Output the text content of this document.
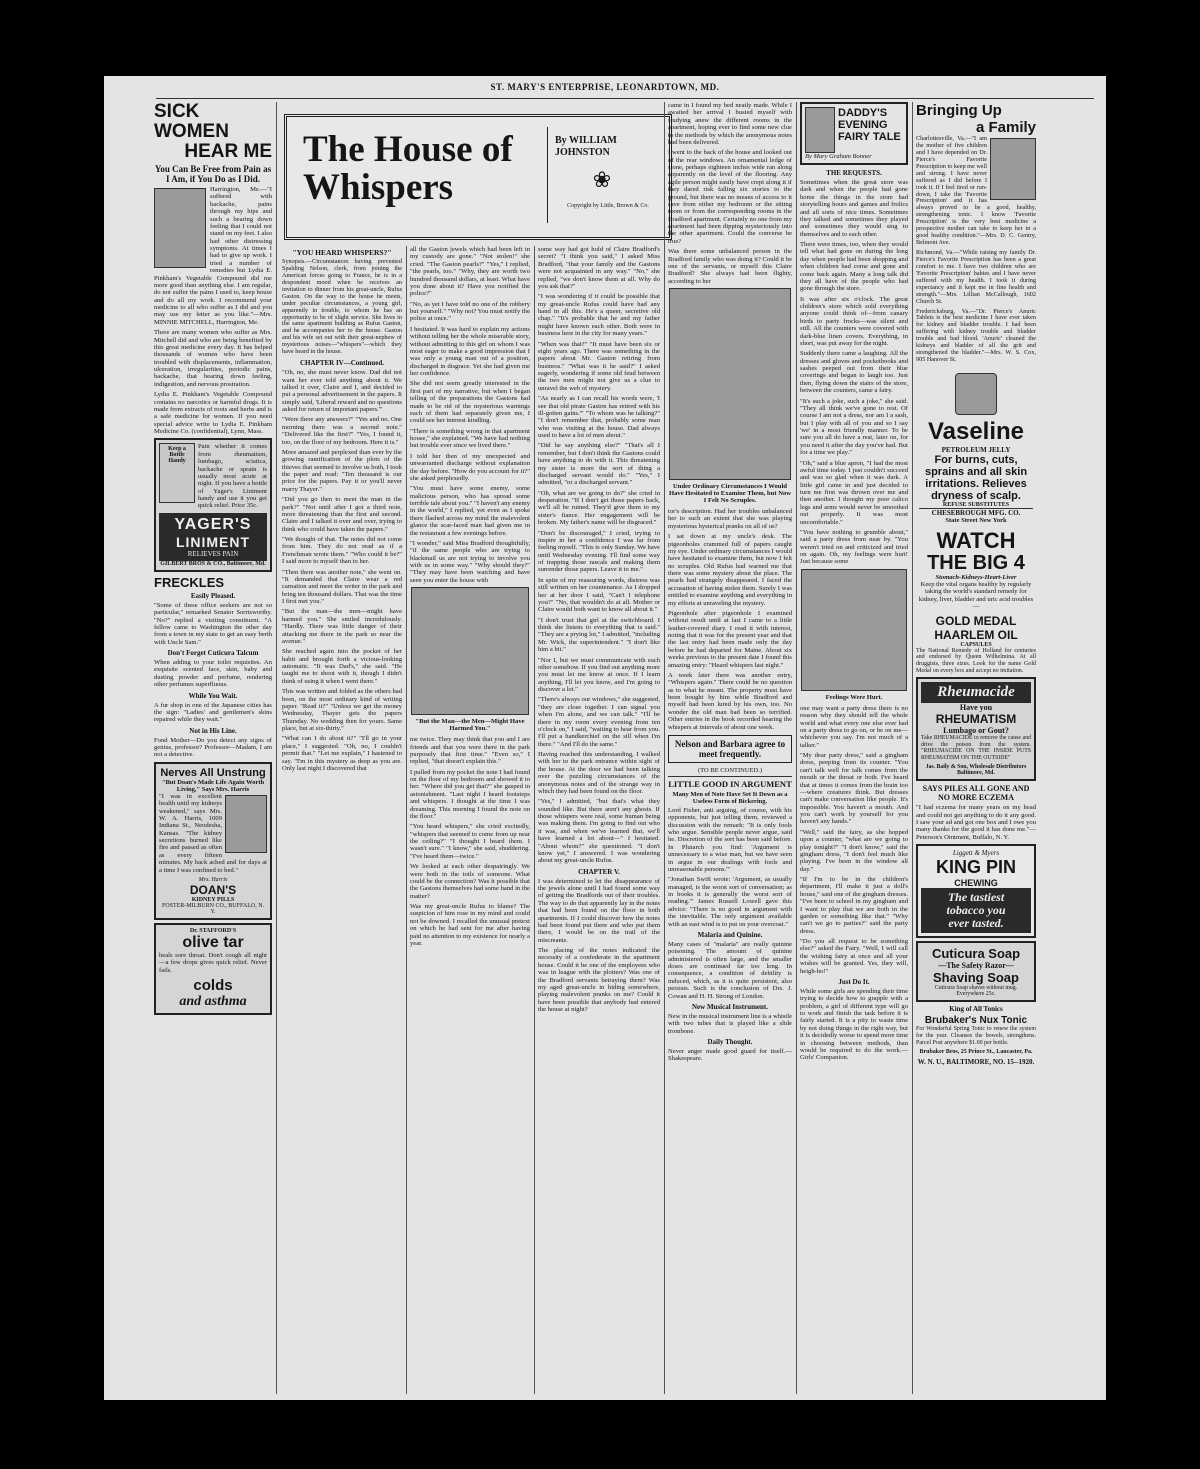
ST. MARY'S ENTERPRISE, LEONARDTOWN, MD.
SICK WOMEN
HEAR ME
You Can Be Free from Pain as I Am, if You Do as I Did.

Harrington, Me.—"I suffered with backache, pains through my hips and such a bearing down feeling that I could not stand on my feet. I also had other distressing symptoms. At times I had to give up work. I tried a number of remedies but Lydia E. Pinkham's Vegetable Compound did me more good than anything else. I am regular, do not suffer the pains I used to, keep house and do all my work. I recommend your medicine to all who suffer as I did and you may use my letter as you like."—Mrs. MINNIE MITCHELL, Harrington, Me.

There are many women who suffer as Mrs. Mitchell did and who are being benefited by this great medicine every day. It has helped thousands of women who have been troubled with displacements, inflammation, ulceration, irregularities, periodic pains, backache, that bearing down feeling, indigestion, and nervous prostration.

Lydia E. Pinkham's Vegetable Compound contains no narcotics or harmful drugs. It is made from extracts of roots and herbs and is a safe medicine for women. If you need special advice write to Lydia E. Pinkham Medicine Co. (confidential), Lynn, Mass.

Keep a Bottle Handy

Pain whether it comes from rheumatism, lumbago, sciatica, backache or sprain is usually most acute at night. If you have a bottle of Yager's Liniment handy and use it you get quick relief. Price 35c.

YAGER'S
LINIMENT
RELIEVES PAIN
GILBERT BROS & CO., Baltimore, Md.
FRECKLES
Easily Pleased.

"Some of these office seekers are not so particular," remarked Senator Sorrtsworthy. "No?" replied a visiting constituent. "A fellow came to Washington the other day from a town in my state to get an easy berth with Uncle Sam."

Don't Forget Cuticura Talcum

When adding to your toilet requisites. An exquisite scented face, skin, baby and dusting powder and perfume, rendering other perfumes superfluous.

While You Wait.

A fur shop in one of the Japanese cities has the sign: "Ladies' and gentlemen's skins repaired while they wait."

Not in His Line.

Fond Mother—Do you detect any signs of genius, professor? Professor—Madam, I am not a detective.

Nerves All Unstrung
"But Doan's Made Life Again Worth Living," Says Mrs. Harris

"I was in excellent health until my kidneys weakened," says Mrs. W. A. Harris, 1009 Indiana St., Neodesha, Kansas. "The kidney secretions burned like fire and passed as often as every fifteen minutes. My back ached and for days at a time I was confined to bed."

Mrs. Harris
DOAN'S
KIDNEY PILLS
FOSTER-MILBURN CO., BUFFALO, N. Y.
Dr. STAFFORD'S
olive tar

heals sore throat. Don't cough all night—a few drops gives quick relief. Never fails.

colds
and asthma
The House of Whispers
By WILLIAM JOHNSTON
❀
Copyright by Little, Brown & Co.
"YOU HEARD WHISPERS?"

Synopsis.—Circumstances having prevented Spalding Nelson, clerk, from joining the American forces going to France, he is in a despondent mood when he receives an invitation to dinner from his great-uncle, Rufus Gaston. On the way to the house he meets, under peculiar circumstances, a young girl, apparently in trouble, to whom he has an opportunity to be of slight service. She lives in the same apartment building as Rufus Gaston, and he accompanies her to the house. Gaston and his wife set out with their great-nephew of mysterious noises—"whispers"—which they have heard in the house.

CHAPTER IV—Continued.

"Oh, no, she must never know. Dad did not want her ever told anything about it. We talked it over, Claire and I, and decided to put a personal advertisement in the papers. It simply said, 'Liberal reward and no questions asked for return of important papers.'"

"Were there any answers?" "Yes and no. One morning there was a second note." "Delivered like the first?" "Yes, I found it, too, on the floor of my bedroom. Here it is."

More amazed and perplexed than ever by the growing ramification of the plots of the thieves that seemed to involve us both, I took the paper and read: "Ten thousand is our price for the papers. Pay it or you'll never marry Thayer."

"Did you go then to meet the man in the park?" "Not until after I got a third note, more threatening than the first and second. Claire and I talked it over and over, trying to think who could have taken the papers."

"We thought of that. The notes did not come from him. They do not read as if a Frenchman wrote them." "Who could it be?" I said more to myself than to her.

"Then there was another note," she went on. "It demanded that Claire wear a red carnation and meet the writer in the park and bring ten thousand dollars. That was the time I first met you."

"But the man—the men—might have harmed you." She smiled incredulously. "Hardly. There was little danger of their attacking me there in the park so near the avenue."

She reached again into the pocket of her habit and brought forth a vicious-looking automatic. "It was Dad's," she said. "He taught me to shoot with it, though I didn't think of using it when I went there."

This was written and folded as the others had been, on the most ordinary kind of writing paper. "Read it?" "Unless we get the money Wednesday, Thayer gets the papers Thursday. No wedding then for yours. Same place, but at six-thirty."

"What can I do about it?" "I'll go in your place," I suggested. "Oh, no, I couldn't permit that." "Let me explain," I hastened to say. "I'm in this mystery as deep as you are. Only last night I discovered that

all the Gaston jewels which had been left in my custody are gone." "Not stolen!" she cried. "The Gaston pearls?" "Yes," I replied, "the pearls, too." "Why, they are worth two hundred thousand dollars, at least. What have you done about it? Have you notified the police?"

"No, as yet I have told no one of the robbery but yourself." "Why not? You must notify the police at once."

I hesitated. It was hard to explain my actions without telling her the whole miserable story, without admitting to this girl on whom I was most eager to make a good impression that I was only a young man out of a position, discharged in disgrace. Yet she had given me her confidence.

She did not seem greatly interested in the first part of my narrative, but when I began telling of the preparations the Gastons had made to be rid of the mysterious warnings each of them had separately given me, I could see her interest kindling.

"There is something wrong in that apartment house," she explained. "We have had nothing but trouble ever since we lived there."

I told her then of my unexpected and unwarranted discharge without explanation the day before. "How do you account for it?" she asked perplexedly.

"You must have some enemy, some malicious person, who has spread some terrible tale about you." "I haven't any enemy in the world," I replied, yet even as I spoke there flashed across my mind the malevolent glance the scar-faced man had given me in the restaurant a few evenings before.

"I wonder," said Miss Bradford thoughtfully, "if the same people who are trying to blackmail us are not trying to involve you with us in some way." "Why should they?" "They may have been watching and have seen you enter the house with

"But the Man—the Men—Might Have Harmed You."

me twice. They may think that you and I are friends and that you were there in the park purposely that first time." "Even so," I replied, "that doesn't explain this."

I pulled from my pocket the note I had found on the floor of my bedroom and showed it to her. "Where did you get that?" she gasped in astonishment. "Last night I heard footsteps and whispers. I thought at the time I was dreaming. This morning I found the note on the floor."

"You heard whispers," she cried excitedly, "whispers that seemed to come from up near the ceiling?" "I thought I heard them. I wasn't sure." "I know," she said, shuddering. "I've heard them—twice."

We looked at each other despairingly. We were both in the toils of someone. What could be the connection? Was it possible that the Gastons themselves had some hand in the matter?

Was my great-uncle Rufus to blame? The suspicion of him rose in my mind and could not be downed. I recalled the unusual pretext on which he had sent for me after having paid no attention to my existence for nearly a year.

some way had got hold of Claire Bradford's secret? "I think you said," I asked Miss Bradford, "that your family and the Gastons were not acquainted in any way." "No," she replied, "we don't know them at all. Why do you ask that?"

"I was wondering if it could be possible that my great-uncle Rufus could have had any hand in all this. He's a queer, secretive old chap." "It's probable that he and my father might have known each other. Both were in business here in the city for many years."

"When was that?" "It must have been six or eight years ago. There was something in the papers about Mr. Gaston retiring from business." "What was it he said?" I asked eagerly, wondering if some old feud between the two men might not give us a clue to unravel the web of mystery.

"As nearly as I can recall his words were, 'I see that old pirate Gaston has retired with his ill-gotten gains.'" "To whom was he talking?" "I don't remember that, probably some man who was visiting at the house. Dad always used to have a lot of men about."

"Did he say anything else?" "That's all I remember, but I don't think the Gastons could have anything to do with it. This threatening my sister is more the sort of thing a discharged servant would do." "Yes," I admitted, "or a discharged servant."

"Oh, what are we going to do?" she cried in desperation. "If I don't get those papers back, we'll all be ruined. They'd give them to my sister's fiance. Her engagement will be broken. My father's name will be disgraced."

"Don't be discouraged," I cried, trying to inspire in her a confidence I was far from feeling myself. "This is only Sunday. We have until Wednesday evening. I'll find some way of trapping those rascals and making them surrender those papers. Leave it to me."

In spite of my reassuring words, distress was still written on her countenance. As I dropped her at her door I said, "Can't I telephone you?" "No, that wouldn't do at all. Mother or Claire would both want to know all about it."

"I don't trust that girl at the switchboard. I think she listens to everything that is said." "They are a prying lot," I admitted, "including Mr. Wick, the superintendent." "I don't like him a bit."

"Nor I, but we must communicate with each other somehow. If you find out anything more you must let me know at once. If I learn anything, I'll let you know, and I'm going to discover a lot."

"There's always our windows," she suggested, "they are close together. I can signal you when I'm alone, and we can talk." "I'll be there in my room every evening from ten o'clock on," I said, "waiting to hear from you. I'll put a handkerchief on the sill when I'm there." "And I'll do the same."

Having reached this understanding, I walked with her to the park entrance within sight of the house. At the door we had been talking over the puzzling circumstances of the anonymous notes and of the strange way in which they had been found on the floor.

"Yes," I admitted, "but that's what they sounded like. But there aren't any ghosts. If those whispers were real, some human being was making them. I'm going to find out who it was, and when we've learned that, we'll have learned a lot about—" I hesitated. "About whom?" she questioned. "I don't know yet," I answered. I was wondering about my great-uncle Rufus.

CHAPTER V.

I was determined to let the disappearance of the jewels alone until I had found some way of getting the Bradfords out of their troubles. The way to do that apparently lay in the notes that had been found on the floor in both apartments. If I could discover how the notes had been found put there and who put them there, I would be on the trail of the miscreants.

The placing of the notes indicated the necessity of a confederate in the apartment house. Could it be one of the employees who was in league with the plotters? Was one of the Bradford servants betraying them? Was my aged great-uncle in hiding somewhere, playing malevolent pranks on me? Could it have been possible that anybody had entered the house at night?

came in I found my bed neatly made. While I awaited her arrival I busied myself with studying anew the different rooms in the apartment, hoping ever to find some new clue to the methods by which the anonymous notes had been delivered.

I went to the back of the house and looked out of the rear windows. An ornamental ledge of stone, perhaps eighteen inches wide ran along apparently on the level of the flooring. Any agile person might easily have crept along it if they dared risk falling six stories to the ground, but there was no means of access to it save from either my bedroom or the sitting room or from the corresponding rooms in the Bradford apartment. Certainly no one from my apartment had been dipping mysteriously into the other apartment. Could the converse be true?

Was there some unbalanced person in the Bradford family who was doing it? Could it be one of the servants, or myself this Claire Bradford? She always had been flighty, according to her

Under Ordinary Circumstances I Would Have Hesitated to Examine Them, but Now I Felt No Scruples.

tor's description. Had her troubles unbalanced her to such an extent that she was playing mysterious hysterical pranks on all of us?

I sat down at my uncle's desk. The pigeonholes crammed full of papers caught my eye. Under ordinary circumstances I would have hesitated to examine them, but now I felt no scruples. Old Rufus had warned me that there was some mystery about the place. The pearls had strangely disappeared. I faced the accusation of having stolen them. Surely I was entitled to examine anything and everything in my efforts at unraveling the mystery.

Pigeonhole after pigeonhole I examined without result until at last I came to a little leather-covered diary. I read it with interest, noting that it was for the present year and that the last entry had been made only the day before he had departed for Maine. About six weeks previous to the present date I found this amazing entry: "Heard whispers last night."

A week later there was another entry, "Whispers again." There could be no question as to what he meant. The property must have been bought by him while Bradford and myself had been lured by his own, too. No wonder the old man had been so terrified. Other entries in the book recorded hearing the whispers at intervals of about one week.

Nelson and Barbara agree to meet frequently.
(TO BE CONTINUED.)
LITTLE GOOD IN ARGUMENT
Many Men of Note Have Set It Down as a Useless Form of Bickering.

Lord Fisher, anti arguing, of course, with his opponents, but just telling them, reviewed a discussion with the remark: "It is only fools who argue. Sensible people never argue, said he. Discretion of the sort has been said before. In Plutarch you find: 'Argument is unnecessary to a wise man, but we have seen in argue in our dealings with fools and unreasonable persons.'"

"Jonathan Swift wrote: 'Argument, as usually managed, is the worst sort of conversation; as in books it is generally the worst sort of reading.'" James Russell Lowell gave this advice: "There is no good in argument with the inevitable. The only argument available with an east wind is to put on your overcoat."

Malaria and Quinine.

Many cases of "malaria" are really quinine poisoning. The amount of quinine administered is often large, and the smaller doses are continued far too long. In consequence, a condition of debility is induced, which, as it is quite persistent, also persists. Such is the conclusion of Drs. J. Cowan and H. H. Strong of London.

New Musical Instrument.

New in the musical instrument line is a whistle with two tubes that is played like a slide trombone.

Daily Thought.

Never anger made good guard for itself.—Shakespeare.

DADDY'S EVENING
FAIRY TALE
By Mary Graham Bonner
THE REQUESTS.

Sometimes when the great store was dark and when the people had gone home the things in the store had storytelling hours and games and frolics and all sorts of nice times. Sometimes they talked and sometimes they played and sometimes they would sing to themselves and to each other.

There were times, too, when they would tell what had gone on during the long day when people had been shopping and when children had come and gone and come back again. Many a long talk did they all have of the people who had gone through the store.

It was after six o'clock. The great children's store which sold everything anyone could think of—from canary birds to party frocks—was silent and still. All the counters were covered with dark-blue linen covers. Everything, in short, was put away for the night.

Suddenly there came a laughing. All the dresses and gloves and pocketbooks and sashes peeped out from their blue coverings and began to laugh too. Just then, flying down the stairs of the store, between the counters, came a fairy.

"It's such a joke, such a joke," she said. "They all think we've gone to rest. Of course I am not a dress, nor am I a sash, but I play with all of you and so I say 'we' in a most friendly manner. To be sure you all do have a rest, later on, for you need it after the day you've had. But for a time we play."

"Oh," said a blue apron, "I had the most awful time today. I just couldn't succeed and was so glad when it was dark. A little girl came in and just decided to turn me first was thrown over me and then another. I thought my poor calico legs and arms would never be smoothed out properly. It was most uncomfortable."

"You have nothing to grumble about," said a party dress from near by. "You weren't tried on and criticized and tried on again. Oh, my feelings were hurt! Just because some

Feelings Were Hurt.

one may want a party dress there is no reason why they should tell the whole world and what every one else ever had on a party dress to go on, or be on me—whichever you say. I'm not much of a talker."

"My dear party dress," said a gingham dress, peeping from its counter. "You can't talk well for talk comes from the mouth or the throat or both. I've heard that at times it comes from the brain too—where creatures think. But dresses can't make conversation like people. It's impossible. You haven't a mouth. And you can't work by yourself for you haven't any hands."

"Well," said the fairy, as she hopped upon a counter, "what are we going to play tonight?" "I don't know," said the gingham dress, "I don't feel much like playing. I've been in the window all day."

"If I'm to be in the children's department, I'll make it just a doll's house," said one of the gingham dresses. "I've been to school in my gingham and I want to play that we are both in the garden or something like that." "Why can't we go to parties?" said the party dress.

"Do you all request to be something else?" asked the Fairy. "Well, I will call the wishing fairy at once and all your wishes will be granted. Yes, they will, heigh-ho!"

Just Do It.

While some girls are spending their time trying to decide how to grapple with a problem, a girl of different type will go to work and finish the task before it is fairly started. It is a pity to waste time by not doing things in the right way, but it is decidedly worse to spend more time in choosing between methods, than would be required to do the work.—Girls' Companion.

Bringing Up
a Family

Charlottesville, Va.—"I am the mother of five children and I have depended on Dr. Pierce's Favorite Prescription to keep me well and strong. I have never suffered as I did before I took it. If I feel tired or run-down, I take the 'Favorite Prescription' and it has always proved to be a good, healthy, strengthening tonic. I know 'Favorite Prescription' is the very best medicine a prospective mother can take to keep her in a good healthy condition."—Mrs. D. C. Gentry, Belmont Ave.

Richmond, Va.—"While raising my family Dr. Pierce's Favorite Prescription has been a great comfort to me. I have two children who are 'Favorite Prescription' babies and I have never suffered with my health. I took it during expectancy and it kept me in fine health and strength."—Mrs. Lillian McCallough, 1602 Church St.

Fredericksburg, Va.—"Dr. Pierce's Anuric Tablets is the best medicine I have ever taken for kidney and bladder trouble. I had been suffering with kidney trouble and bladder trouble and bad blood. 'Anuric' cleaned the kidneys and bladder of all the grit and strengthened the bladder."—Mrs. W. S. Cox, 905 Hanover St.

Vaseline
PETROLEUM JELLY
For burns, cuts, sprains and all skin irritations. Relieves dryness of scalp.
REFUSE SUBSTITUTES
CHESEBROUGH MFG. CO.
State Street New York
WATCH
THE BIG 4
Stomach-Kidneys-Heart-Liver

Keep the vital organs healthy by regularly taking the world's standard remedy for kidney, liver, bladder and uric acid troubles—

GOLD MEDAL
HAARLEM OIL
CAPSULES

The National Remedy of Holland for centuries and endorsed by Queen Wilhelmina. At all druggists, three sizes. Look for the name Gold Medal on every box and accept no imitation.

Rheumacide
Have you
RHEUMATISM
Lumbago or Gout?

Take RHEUMACIDE to remove the cause and drive the poison from the system. "RHEUMACIDE ON THE INSIDE PUTS RHEUMATISM ON THE OUTSIDE"

Jas. Baily & Son, Wholesale Distributors Baltimore, Md.
SAYS PILES ALL GONE AND NO MORE ECZEMA

"I had eczema for many years on my head and could not get anything to do it any good. I saw your ad and got one box and I owe you many thanks for the good it has done me."—Peterson's Ointment, Buffalo, N. Y.

Liggett & Myers
KING PIN
CHEWING
The tastiest
tobacco you
ever tasted.
Cuticura Soap
—The Safety Razor—
Shaving Soap
Cuticura Soap shaves without mug. Everywhere 25c.
King of All Tonics
Brubaker's Nux Tonic

For Wonderful Spring Tonic to renew the system for the year. Cleanses the bowels, strengthens. Parcel Post anywhere $1.00 per bottle.

Brubaker Bros, 25 Prince St., Lancaster, Pa.
W. N. U., BALTIMORE, NO. 15--1920.
